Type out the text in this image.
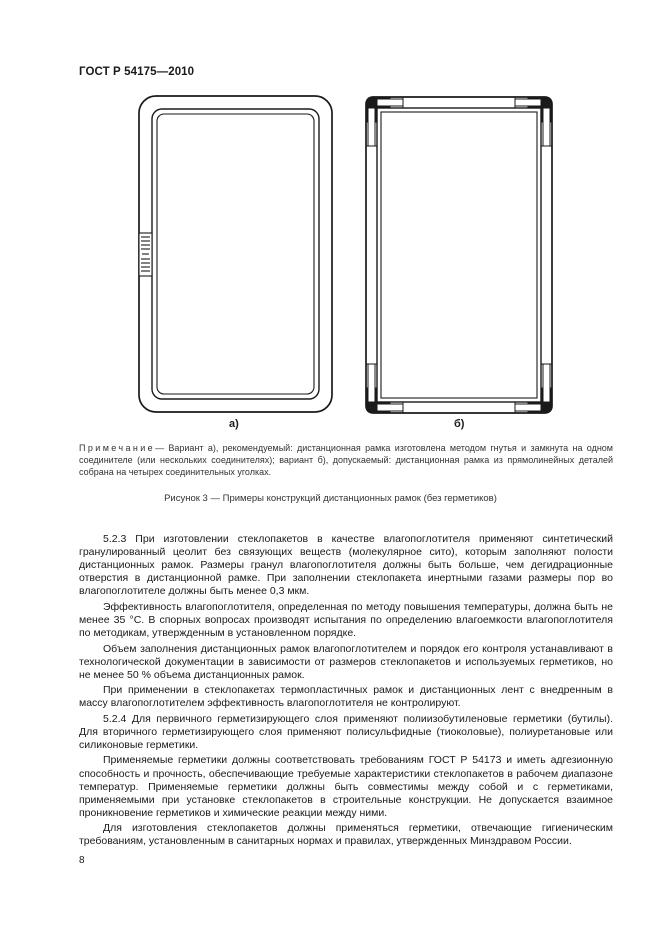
ГОСТ Р 54175—2010
а)	б)
Примечание— Вариант а), рекомендуемый: дистанционная рамка изготовлена методом гнутья и замкнута на одном соединителе (или нескольких соединителях); вариант б), допускаемый: дистанционная рамка из прямолинейных деталей собрана на четырех соединительных уголках.
Рисунок 3 — Примеры конструкций дистанционных рамок (без герметиков)

5.2.3 При изготовлении стеклопакетов в качестве влагопоглотителя применяют синтетический гранулированный цеолит без связующих веществ (молекулярное сито), которым заполняют полости дистанционных рамок. Размеры гранул влагопоглотителя должны быть больше, чем дегидрационные отверстия в дистанционной рамке. При заполнении стеклопакета инертными газами размеры пор во влагопоглотителе должны быть менее 0,3 мкм.

Эффективность влагопоглотителя, определенная по методу повышения температуры, должна быть не менее 35 °С. В спорных вопросах производят испытания по определению влагоемкости влагопоглотителя по методикам, утвержденным в установленном порядке.

Объем заполнения дистанционных рамок влагопоглотителем и порядок его контроля устанавливают в технологической документации в зависимости от размеров стеклопакетов и используемых герметиков, но не менее 50 % объема дистанционных рамок.

При применении в стеклопакетах термопластичных рамок и дистанционных лент с внедренным в массу влагопоглотителем эффективность влагопоглотителя не контролируют.

5.2.4 Для первичного герметизирующего слоя применяют полиизобутиленовые герметики (бутилы). Для вторичного герметизирующего слоя применяют полисульфидные (тиоколовые), полиуретановые или силиконовые герметики.

Применяемые герметики должны соответствовать требованиям ГОСТ Р 54173 и иметь адгезионную способность и прочность, обеспечивающие требуемые характеристики стеклопакетов в рабочем диапазоне температур. Применяемые герметики должны быть совместимы между собой и с герметиками, применяемыми при установке стеклопакетов в строительные конструкции. Не допускается взаимное проникновение герметиков и химические реакции между ними.

Для изготовления стеклопакетов должны применяться герметики, отвечающие гигиеническим требованиям, установленным в санитарных нормах и правилах, утвержденных Минздравом России.

8
